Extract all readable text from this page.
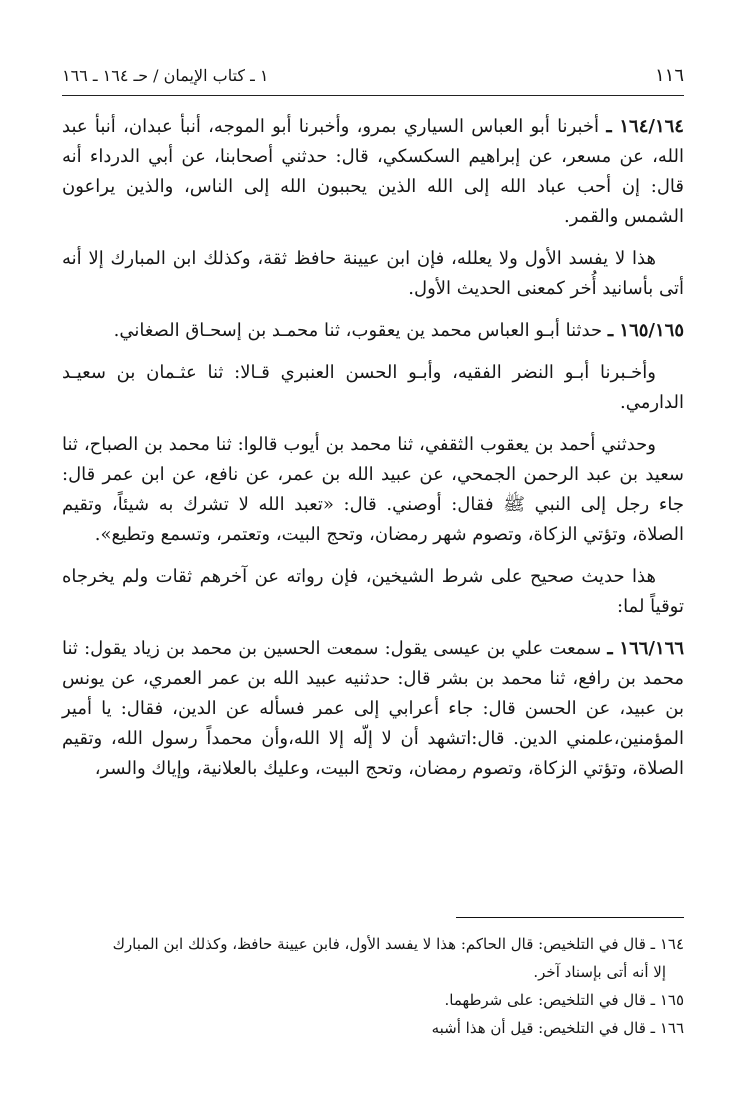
١١٦
١ ـ كتاب الإيمان / حـ ١٦٤ ـ ١٦٦

١٦٤/١٦٤ ـ أخبرنا أبو العباس السياري بمرو، وأخبرنا أبو الموجه، أنبأ عبدان، أنبأ عبد الله، عن مسعر، عن إبراهيم السكسكي، قال: حدثني أصحابنا، عن أبي الدرداء أنه قال: إن أحب عباد الله إلى الله الذين يحببون الله إلى الناس، والذين يراعون الشمس والقمر.

هذا لا يفسد الأول ولا يعلله، فإن ابن عيينة حافظ ثقة، وكذلك ابن المبارك إلا أنه أتى بأسانيد أُخر كمعنى الحديث الأول.

١٦٥/١٦٥ ـ حدثنا أبـو العباس محمد ين يعقوب، ثنا محمـد بن إسحـاق الصغاني.

وأخـبرنا أبـو النضر الفقيه، وأبـو الحسن العنبري قـالا: ثنا عثـمان بن سعيـد الدارمي.

وحدثني أحمد بن يعقوب الثقفي، ثنا محمد بن أيوب قالوا: ثنا محمد بن الصباح، ثنا سعيد بن عبد الرحمن الجمحي، عن عبيد الله بن عمر، عن نافع، عن ابن عمر قال: جاء رجل إلى النبي ﷺ فقال: أوصني. قال: «تعبد الله لا تشرك به شيئاً، وتقيم الصلاة، وتؤتي الزكاة، وتصوم شهر رمضان، وتحج البيت، وتعتمر، وتسمع وتطيع».

هذا حديث صحيح على شرط الشيخين، فإن رواته عن آخرهم ثقات ولم يخرجاه توقياً لما:

١٦٦/١٦٦ ـ سمعت علي بن عيسى يقول: سمعت الحسين بن محمد بن زياد يقول: ثنا محمد بن رافع، ثنا محمد بن بشر قال: حدثنيه عبيد الله بن عمر العمري، عن يونس بن عبيد، عن الحسن قال: جاء أعرابي إلى عمر فسأله عن الدين، فقال: يا أمير المؤمنين،علمني الدين. قال:اتشهد أن لا إلّه إلا الله،وأن محمداً رسول الله، وتقيم الصلاة، وتؤتي الزكاة، وتصوم رمضان، وتحج البيت، وعليك بالعلانية، وإياك والسر،

١٦٤ ـ قال في التلخيص: قال الحاكم: هذا لا يفسد الأول، فابن عيينة حافظ، وكذلك ابن المبارك

إلا أنه أتى بإسناد آخر.

١٦٥ ـ قال في التلخيص: على شرطهما.

١٦٦ ـ قال في التلخيص: قيل أن هذا أشبه
